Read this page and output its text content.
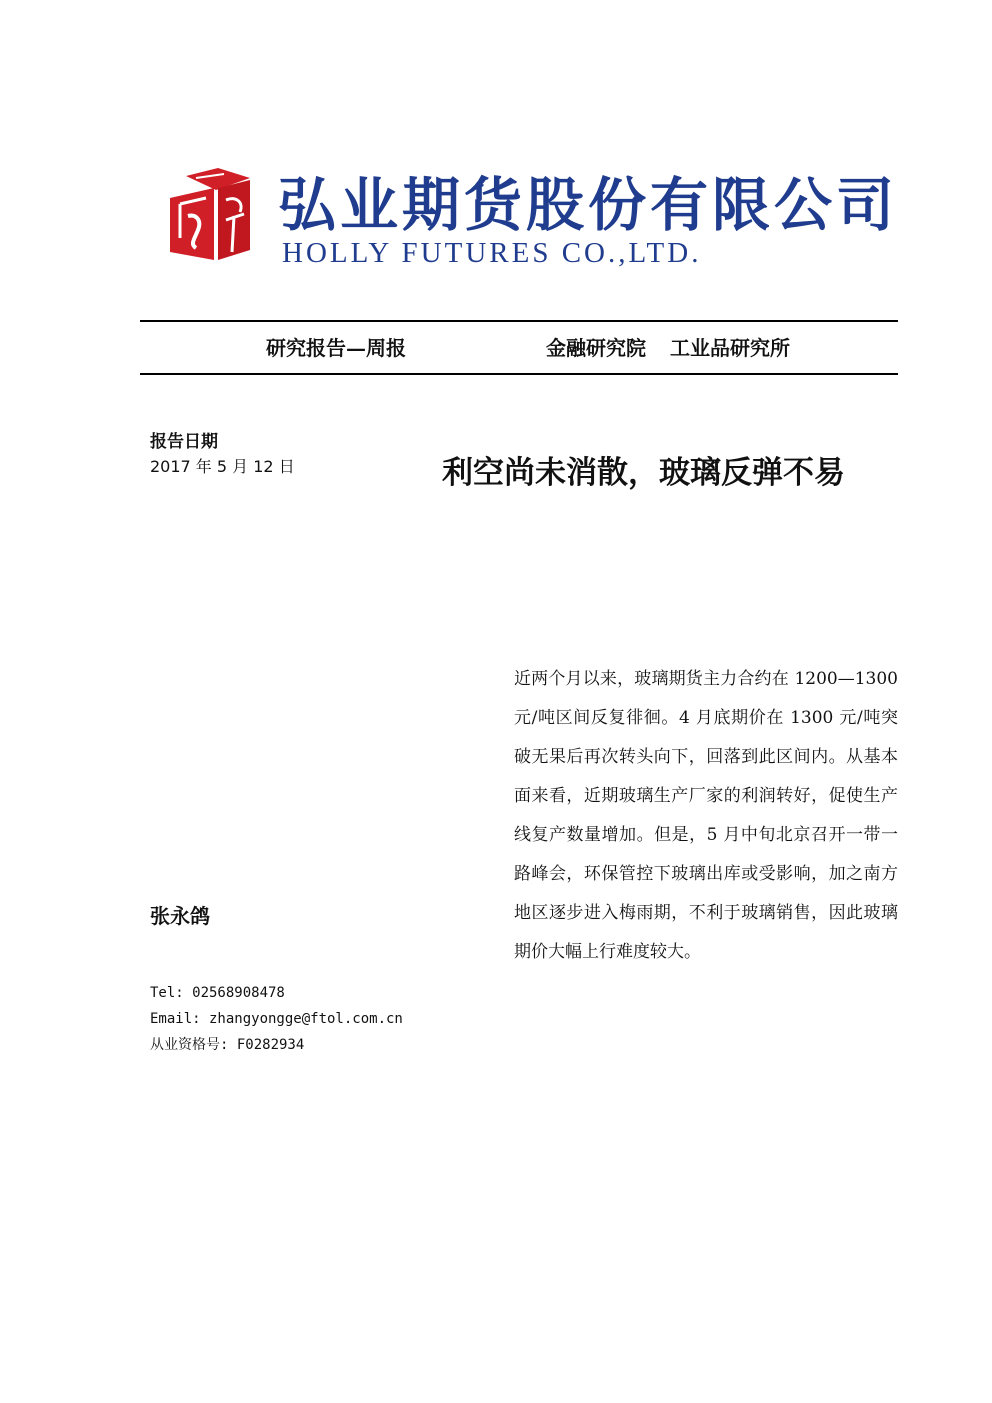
弘业期货股份有限公司
HOLLY FUTURES CO.,LTD.
研究报告—周报	金融研究院 工业品研究所
报告日期
2017 年 5 月 12 日	利空尚未消散，玻璃反弹不易
近两个月以来，玻璃期货主力合约在 1200—1300 元/吨区间反复徘徊。4 月底期价在 1300 元/吨突破无果后再次转头向下，回落到此区间内。从基本面来看，近期玻璃生产厂家的利润转好，促使生产线复产数量增加。但是，5 月中旬北京召开一带一路峰会，环保管控下玻璃出库或受影响，加之南方地区逐步进入梅雨期，不利于玻璃销售，因此玻璃期价大幅上行难度较大。
张永鸽
Tel: 02568908478
Email: zhangyongge@ftol.com.cn
从业资格号: F0282934
